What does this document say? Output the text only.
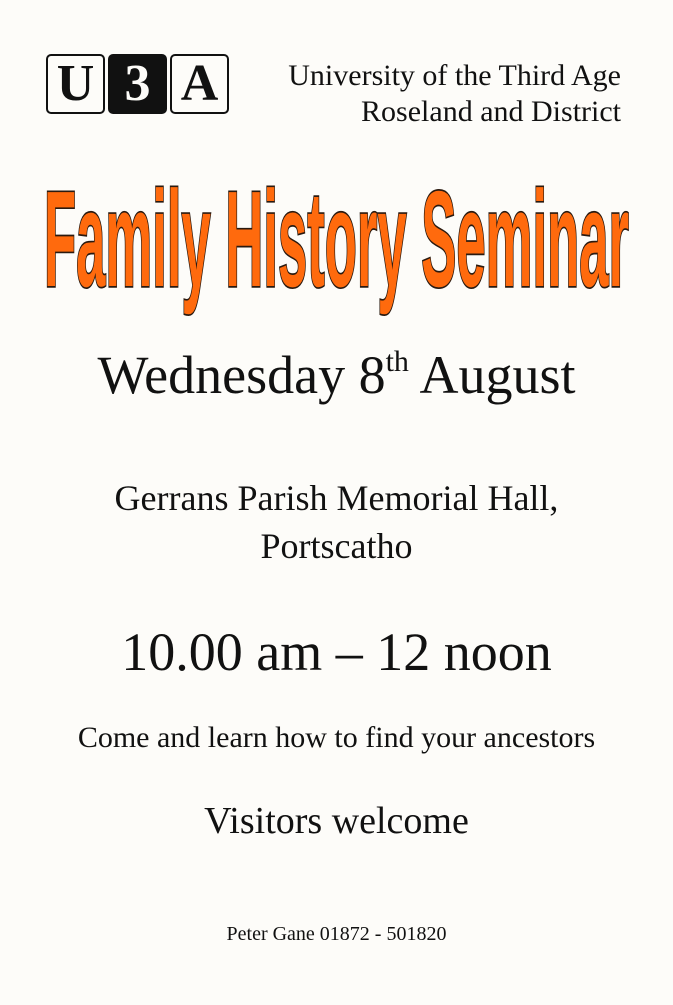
U 3 A	University of the Third Age
Roseland and District
Family History Seminar
Wednesday 8th August
Gerrans Parish Memorial Hall,
Portscatho
10.00 am – 12 noon
Come and learn how to find your ancestors
Visitors welcome
Peter Gane 01872 - 501820
